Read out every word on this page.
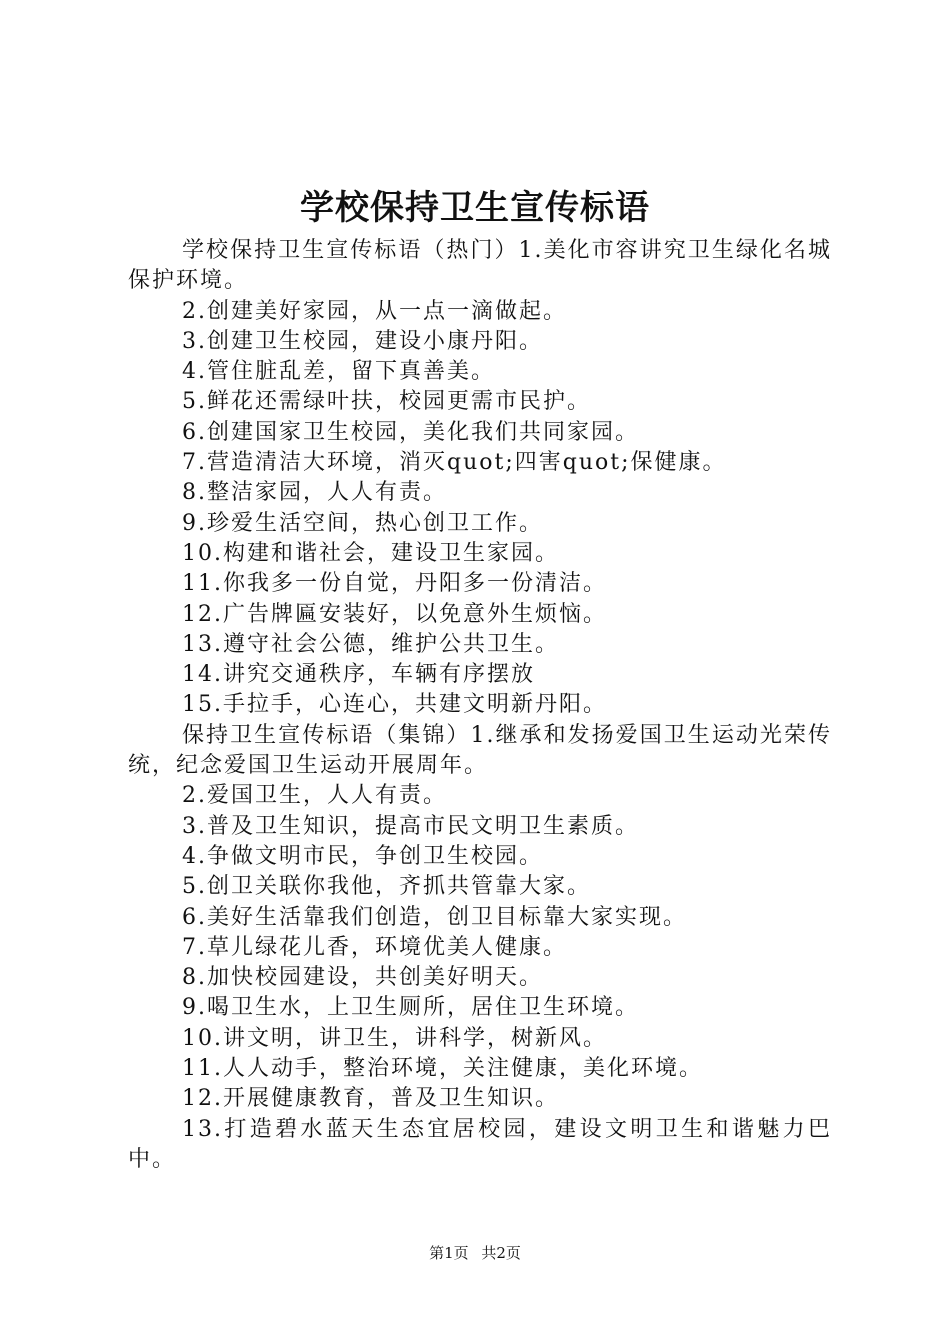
学校保持卫生宣传标语

学校保持卫生宣传标语（热门）1.美化市容讲究卫生绿化名城保护环境。

2.创建美好家园，从一点一滴做起。

3.创建卫生校园，建设小康丹阳。

4.管住脏乱差，留下真善美。

5.鲜花还需绿叶扶，校园更需市民护。

6.创建国家卫生校园，美化我们共同家园。

7.营造清洁大环境，消灭quot;四害quot;保健康。

8.整洁家园，人人有责。

9.珍爱生活空间，热心创卫工作。

10.构建和谐社会，建设卫生家园。

11.你我多一份自觉，丹阳多一份清洁。

12.广告牌匾安装好，以免意外生烦恼。

13.遵守社会公德，维护公共卫生。

14.讲究交通秩序，车辆有序摆放

15.手拉手，心连心，共建文明新丹阳。

保持卫生宣传标语（集锦）1.继承和发扬爱国卫生运动光荣传统，纪念爱国卫生运动开展周年。

2.爱国卫生，人人有责。

3.普及卫生知识，提高市民文明卫生素质。

4.争做文明市民，争创卫生校园。

5.创卫关联你我他，齐抓共管靠大家。

6.美好生活靠我们创造，创卫目标靠大家实现。

7.草儿绿花儿香，环境优美人健康。

8.加快校园建设，共创美好明天。

9.喝卫生水，上卫生厕所，居住卫生环境。

10.讲文明，讲卫生，讲科学，树新风。

11.人人动手，整治环境，关注健康，美化环境。

12.开展健康教育，普及卫生知识。

13.打造碧水蓝天生态宜居校园，建设文明卫生和谐魅力巴中。

第1页 共2页
